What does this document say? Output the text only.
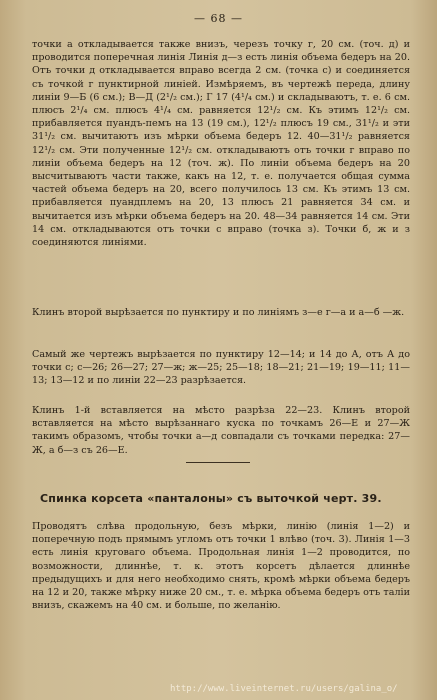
— 68 —

точки а откладывается также внизъ, черезъ точку г, 20 см. (точ. д) и проводится поперечная линія Линія д—з есть линія объема бедеръ на 20. Отъ точки д откладывается вправо всегда 2 см. (точка с) и соединяется съ точкой г пунктирной линіей. Измѣряемъ, въ чертежѣ переда, длину линіи 9—Б (6 см.); В—Д (2¹/₂ см.); Г 17 (4¹/₄ см.) и складываютъ, т. е. 6 см. плюсъ 2¹/₄ см. плюсъ 4¹/₄ см. равняется 12¹/₂ см. Къ этимъ 12¹/₂ см. прибавляется пуандъ-пемъ на 13 (19 см.), 12¹/₂ плюсъ 19 см., 31¹/₂ и эти 31¹/₂ см. вычитаютъ изъ мѣрки объема бедеръ 12. 40—31¹/₂ равняется 12¹/₂ см. Эти полученные 12¹/₂ см. откладываютъ отъ точки г вправо по линіи объема бедеръ на 12 (точ. ж). По линіи объема бедеръ на 20 высчитываютъ части также, какъ на 12, т. е. получается общая сумма частей объема бедеръ на 20, всего получилось 13 см. Къ этимъ 13 см. прибавляется пуандплемъ на 20, 13 плюсъ 21 равняется 34 см. и вычитается изъ мѣрки объема бедеръ на 20. 48—34 равняется 14 см. Эти 14 см. откладываются отъ точки с вправо (точка з). Точки б, ж и з соединяются линіями.

Клинъ второй вырѣзается по пунктиру и по линіямъ з—е г—а и а—б —ж.

Самый же чертежъ вырѣзается по пунктиру 12—14; и 14 до А, отъ А до точки с; с—26; 26—27; 27—ж; ж—25; 25—18; 18—21; 21—19; 19—11; 11—13; 13—12 и по линіи 22—23 разрѣзается.

Клинъ 1-й вставляется на мѣсто разрѣза 22—23. Клинъ второй вставляется на мѣсто вырѣзаннаго куска по точкамъ 26—Е и 27—Ж такимъ образомъ, чтобы точки а—д совпадали съ точками передка: 27—Ж, а б—з съ 26—Е.

Спинка корсета «панталоны» съ выточкой черт. 39.

Проводятъ слѣва продольную, безъ мѣрки, линію (линія 1—2) и поперечную подъ прямымъ угломъ отъ точки 1 влѣво (точ. 3). Линія 1—3 есть линія круговаго объема. Продольная линія 1—2 проводится, по возможности, длиннѣе, т. к. этотъ корсетъ дѣлается длиннѣе предыдущихъ и для него необходимо снять, кромѣ мѣрки объема бедеръ на 12 и 20, также мѣрку ниже 20 см., т. е. мѣрка объема бедеръ отъ таліи внизъ, скажемъ на 40 см. и больше, по желанію.

http://www.liveinternet.ru/users/galina_o/
